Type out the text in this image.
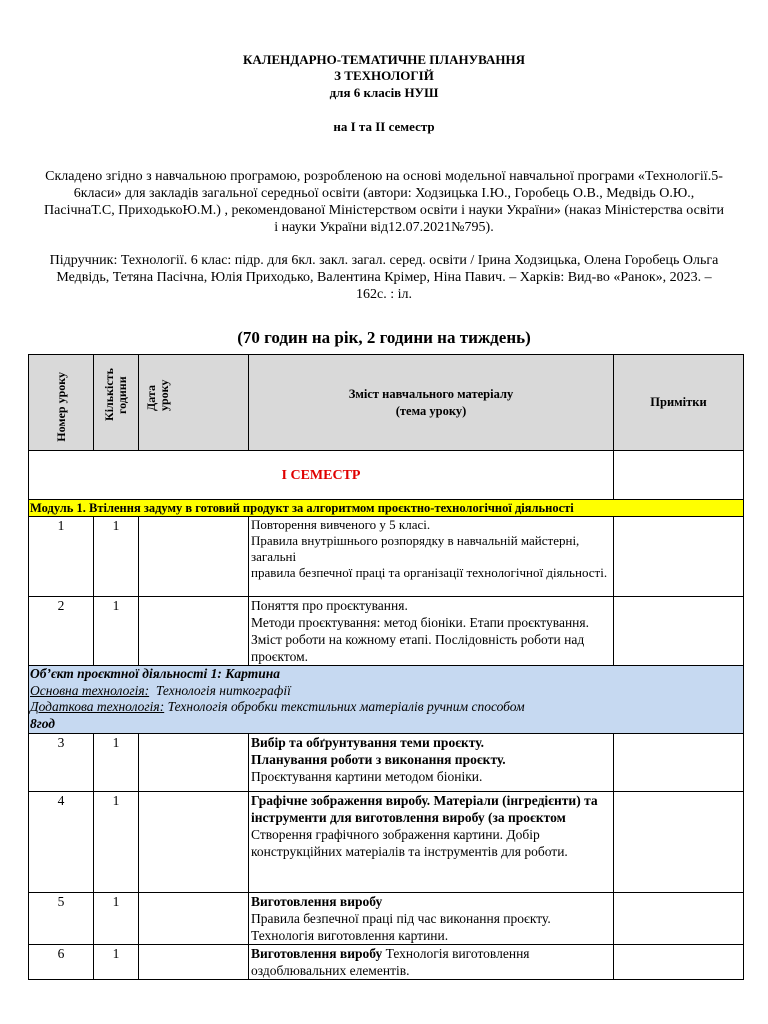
КАЛЕНДАРНО-ТЕМАТИЧНЕ ПЛАНУВАННЯ
З ТЕХНОЛОГІЙ
для 6 класів НУШ
на І та ІІ семестр
Складено згідно з навчальною програмою, розробленою на основі модельної навчальної програми «Технології.5-6класи» для закладів загальної середньої освіти (автори: Ходзицька І.Ю., Горобець О.В., Медвідь О.Ю., ПасічнаТ.С, ПриходькоЮ.М.) , рекомендованої Міністерством освіти і науки України» (наказ Міністерства освіти і науки України від12.07.2021№795).
Підручник: Технології. 6 клас: підр. для 6кл. закл. загал. серед. освіти / Ірина Ходзицька, Олена Горобець Ольга Медвідь, Тетяна Пасічна, Юлія Приходько, Валентина Крімер, Ніна Павич. – Харків: Вид-во «Ранок», 2023. – 162с. : іл.
(70 годин на рік, 2 години на тиждень)
Номер уроку	Кількість години	Дата уроку	Зміст навчального матеріалу
(тема уроку)	Примітки

І СЕМЕСТР				

Модуль 1. Втілення задуму в готовий продукт за алгоритмом проєктно-технологічної діяльності				
1	1		Повторення вивченого у 5 класі.
Правила внутрішнього розпорядку в навчальній майстерні, загальні
правила безпечної праці та організації технологічної діяльності.	

2	1		Поняття про проєктування.
Методи проєктування: метод біоніки. Етапи проєктування. Зміст роботи на кожному етапі. Послідовність роботи над проєктом.	

Об’єкт проєктної діяльності 1: Картина
Основна технологія: Технологія ниткографії
Додаткова технологія: Технологія обробки текстильних матеріалів ручним способом
8год				

3	1		Вибір та обґрунтування теми проєкту.
Планування роботи з виконання проєкту.
Проєктування картини методом біоніки.	

4	1		Графічне зображення виробу. Матеріали (інгредієнти) та інструменти для виготовлення виробу (за проєктом
Створення графічного зображення картини. Добір конструкційних матеріалів та інструментів для роботи.	

5	1		Виготовлення виробу
Правила безпечної праці під час виконання проєкту. Технологія виготовлення картини.	

6	1		Виготовлення виробу Технологія виготовлення оздоблювальних елементів.	
